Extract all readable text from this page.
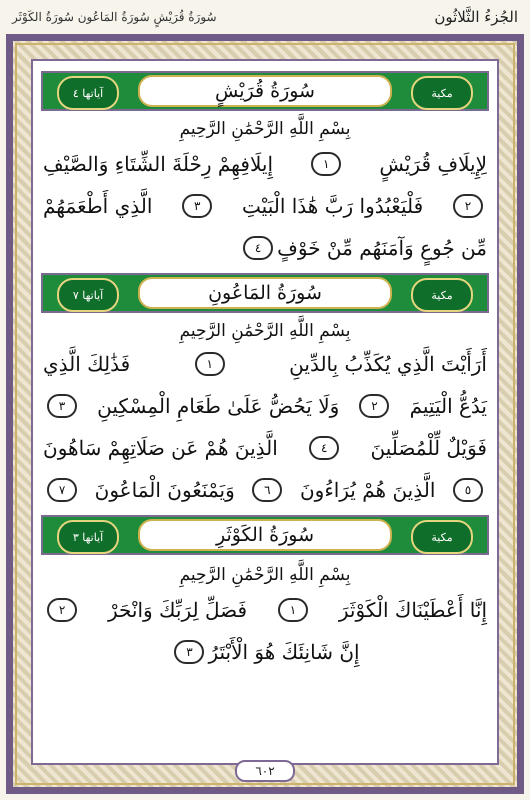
الجُزءُ الثَّلاثُون
سُورَةُ قُرَيْشٍ سُورَةُ المَاعُون سُورَةُ الكَوْثَر
مكية
سُورَةُ قُرَيْشٍ
آياتها ٤
بِسْمِ اللَّهِ الرَّحْمَٰنِ الرَّحِيمِ
لِإِيلَافِ قُرَيْشٍ
١
إِيلَافِهِمْ رِحْلَةَ الشِّتَاءِ وَالصَّيْفِ
٢
فَلْيَعْبُدُوا رَبَّ هَٰذَا الْبَيْتِ
٣
الَّذِي أَطْعَمَهُمْ
مِّن جُوعٍ وَآمَنَهُم مِّنْ خَوْفٍ
٤
مكية
سُورَةُ المَاعُونِ
آياتها ٧
بِسْمِ اللَّهِ الرَّحْمَٰنِ الرَّحِيمِ
أَرَأَيْتَ الَّذِي يُكَذِّبُ بِالدِّينِ
١
فَذَٰلِكَ الَّذِي
يَدُعُّ الْيَتِيمَ
٢
وَلَا يَحُضُّ عَلَىٰ طَعَامِ الْمِسْكِينِ
٣
فَوَيْلٌ لِّلْمُصَلِّينَ
٤
الَّذِينَ هُمْ عَن صَلَاتِهِمْ سَاهُونَ
٥
الَّذِينَ هُمْ يُرَاءُونَ
٦
وَيَمْنَعُونَ الْمَاعُونَ
٧
مكية
سُورَةُ الكَوْثَرِ
آياتها ٣
بِسْمِ اللَّهِ الرَّحْمَٰنِ الرَّحِيمِ
إِنَّا أَعْطَيْنَاكَ الْكَوْثَرَ
١
فَصَلِّ لِرَبِّكَ وَانْحَرْ
٢
إِنَّ شَانِئَكَ هُوَ الْأَبْتَرُ
٣
٦٠٢
